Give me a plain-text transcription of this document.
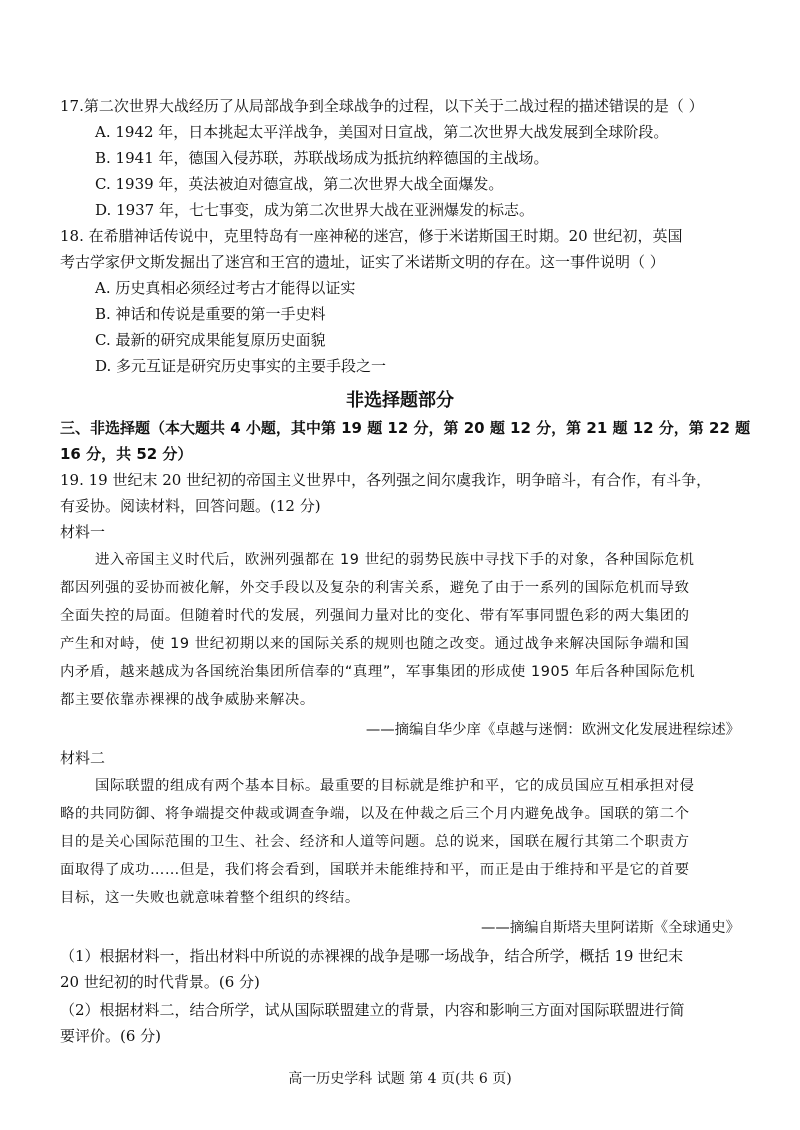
17.第二次世界大战经历了从局部战争到全球战争的过程，以下关于二战过程的描述错误的是（ ）
A. 1942 年，日本挑起太平洋战争，美国对日宣战，第二次世界大战发展到全球阶段。
B. 1941 年，德国入侵苏联，苏联战场成为抵抗纳粹德国的主战场。
C. 1939 年，英法被迫对德宣战，第二次世界大战全面爆发。
D. 1937 年，七七事变，成为第二次世界大战在亚洲爆发的标志。
18. 在希腊神话传说中，克里特岛有一座神秘的迷宫，修于米诺斯国王时期。20 世纪初，英国
考古学家伊文斯发掘出了迷宫和王宫的遗址，证实了米诺斯文明的存在。这一事件说明（ ）
A. 历史真相必须经过考古才能得以证实
B. 神话和传说是重要的第一手史料
C. 最新的研究成果能复原历史面貌
D. 多元互证是研究历史事实的主要手段之一
非选择题部分
三、非选择题（本大题共 4 小题，其中第 19 题 12 分，第 20 题 12 分，第 21 题 12 分，第 22 题
16 分，共 52 分）
19. 19 世纪末 20 世纪初的帝国主义世界中，各列强之间尔虞我诈，明争暗斗，有合作，有斗争，
有妥协。阅读材料，回答问题。(12 分)
材料一
进入帝国主义时代后，欧洲列强都在 19 世纪的弱势民族中寻找下手的对象，各种国际危机
都因列强的妥协而被化解，外交手段以及复杂的利害关系，避免了由于一系列的国际危机而导致
全面失控的局面。但随着时代的发展，列强间力量对比的变化、带有军事同盟色彩的两大集团的
产生和对峙，使 19 世纪初期以来的国际关系的规则也随之改变。通过战争来解决国际争端和国
内矛盾，越来越成为各国统治集团所信奉的“真理”，军事集团的形成使 1905 年后各种国际危机
都主要依靠赤裸裸的战争威胁来解决。
——摘编自华少庠《卓越与迷惘：欧洲文化发展进程综述》
材料二
国际联盟的组成有两个基本目标。最重要的目标就是维护和平，它的成员国应互相承担对侵
略的共同防御、将争端提交仲裁或调查争端，以及在仲裁之后三个月内避免战争。国联的第二个
目的是关心国际范围的卫生、社会、经济和人道等问题。总的说来，国联在履行其第二个职责方
面取得了成功……但是，我们将会看到，国联并未能维持和平，而正是由于维持和平是它的首要
目标，这一失败也就意味着整个组织的终结。
——摘编自斯塔夫里阿诺斯《全球通史》
（1）根据材料一，指出材料中所说的赤裸裸的战争是哪一场战争，结合所学，概括 19 世纪末
20 世纪初的时代背景。(6 分)
（2）根据材料二，结合所学，试从国际联盟建立的背景，内容和影响三方面对国际联盟进行简
要评价。(6 分)
高一历史学科 试题 第 4 页(共 6 页)
